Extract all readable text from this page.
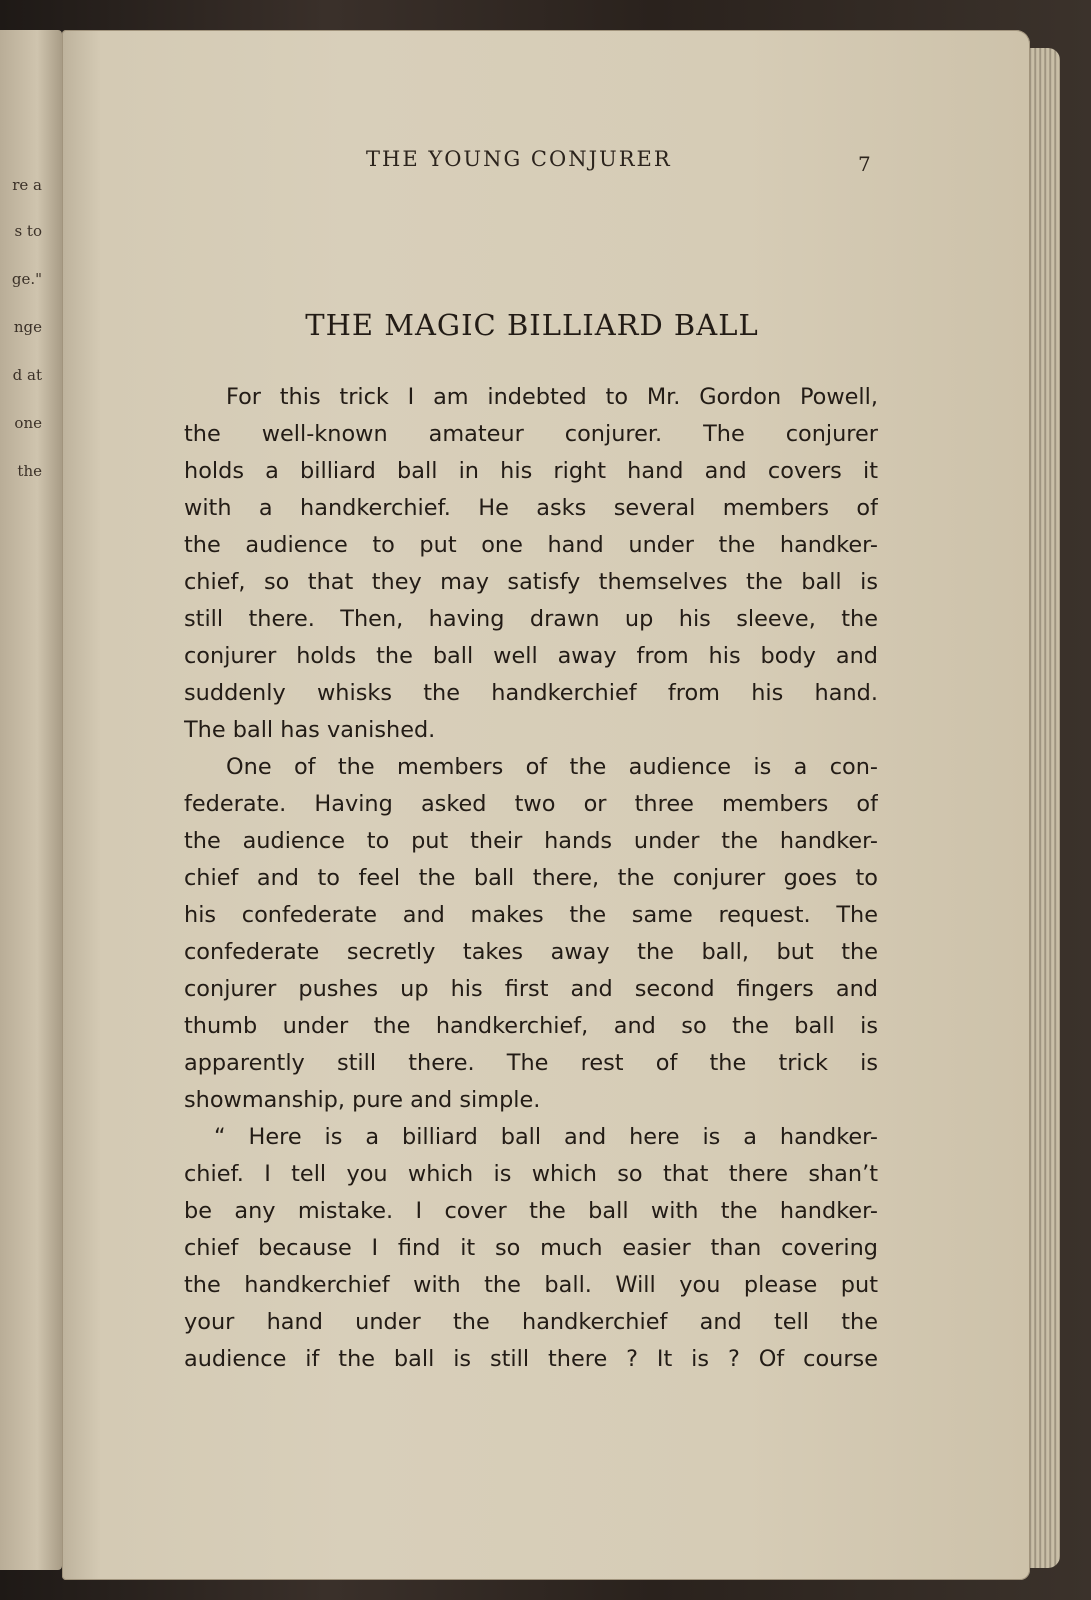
re a
s to
ge."
nge
d at
one
the
THE YOUNG CONJURER	7
THE MAGIC BILLIARD BALL
For this trick I am indebted to Mr. Gordon Powell,
the well-known amateur conjurer. The conjurer
holds a billiard ball in his right hand and covers it
with a handkerchief. He asks several members of
the audience to put one hand under the handker-
chief, so that they may satisfy themselves the ball is
still there. Then, having drawn up his sleeve, the
conjurer holds the ball well away from his body and
suddenly whisks the handkerchief from his hand.
The ball has vanished.
One of the members of the audience is a con-
federate. Having asked two or three members of
the audience to put their hands under the handker-
chief and to feel the ball there, the conjurer goes to
his confederate and makes the same request. The
confederate secretly takes away the ball, but the
conjurer pushes up his first and second fingers and
thumb under the handkerchief, and so the ball is
apparently still there. The rest of the trick is
showmanship, pure and simple.
“ Here is a billiard ball and here is a handker-
chief. I tell you which is which so that there shan’t
be any mistake. I cover the ball with the handker-
chief because I find it so much easier than covering
the handkerchief with the ball. Will you please put
your hand under the handkerchief and tell the
audience if the ball is still there ? It is ? Of course
